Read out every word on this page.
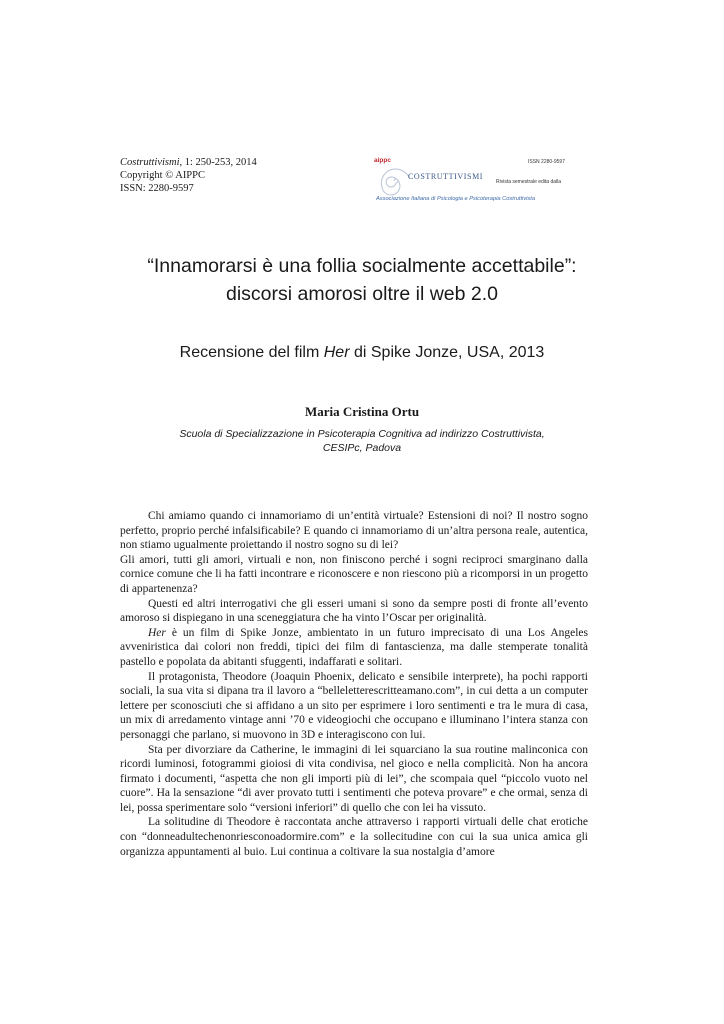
Costruttivismi, 1: 250-253, 2014
Copyright © AIPPC
ISSN: 2280-9597
aippc	ISSN 2280-9597
COSTRUTTIVISMI
Rivista semestrale edita dalla
Associazione Italiana di Psicologia e Psicoterapia Costruttivista
“Innamorarsi è una follia socialmente accettabile”:
discorsi amorosi oltre il web 2.0
Recensione del film Her di Spike Jonze, USA, 2013
Maria Cristina Ortu
Scuola di Specializzazione in Psicoterapia Cognitiva ad indirizzo Costruttivista,
CESIPc, Padova

Chi amiamo quando ci innamoriamo di un’entità virtuale? Estensioni di noi? Il nostro sogno perfetto, proprio perché infalsificabile? E quando ci innamoriamo di un’altra persona reale, autentica, non stiamo ugualmente proiettando il nostro sogno su di lei?

Gli amori, tutti gli amori, virtuali e non, non finiscono perché i sogni reciproci smarginano dalla cornice comune che li ha fatti incontrare e riconoscere e non riescono più a ricomporsi in un progetto di appartenenza?

Questi ed altri interrogativi che gli esseri umani si sono da sempre posti di fronte all’evento amoroso si dispiegano in una sceneggiatura che ha vinto l’Oscar per originalità.

Her è un film di Spike Jonze, ambientato in un futuro imprecisato di una Los Angeles avveniristica dai colori non freddi, tipici dei film di fantascienza, ma dalle stemperate tonalità pastello e popolata da abitanti sfuggenti, indaffarati e solitari.

Il protagonista, Theodore (Joaquin Phoenix, delicato e sensibile interprete), ha pochi rapporti sociali, la sua vita si dipana tra il lavoro a “belleletterescritteamano.com”, in cui detta a un computer lettere per sconosciuti che si affidano a un sito per esprimere i loro sentimenti e tra le mura di casa, un mix di arredamento vintage anni ’70 e videogiochi che occupano e illuminano l’intera stanza con personaggi che parlano, si muovono in 3D e interagiscono con lui.

Sta per divorziare da Catherine, le immagini di lei squarciano la sua routine malinconica con ricordi luminosi, fotogrammi gioiosi di vita condivisa, nel gioco e nella complicità. Non ha ancora firmato i documenti, “aspetta che non gli importi più di lei”, che scompaia quel “piccolo vuoto nel cuore”. Ha la sensazione “di aver provato tutti i sentimenti che poteva provare” e che ormai, senza di lei, possa sperimentare solo “versioni inferiori” di quello che con lei ha vissuto.

La solitudine di Theodore è raccontata anche attraverso i rapporti virtuali delle chat erotiche con “donneadultechenonriesconoadormire.com” e la sollecitudine con cui la sua unica amica gli organizza appuntamenti al buio. Lui continua a coltivare la sua nostalgia d’amore
